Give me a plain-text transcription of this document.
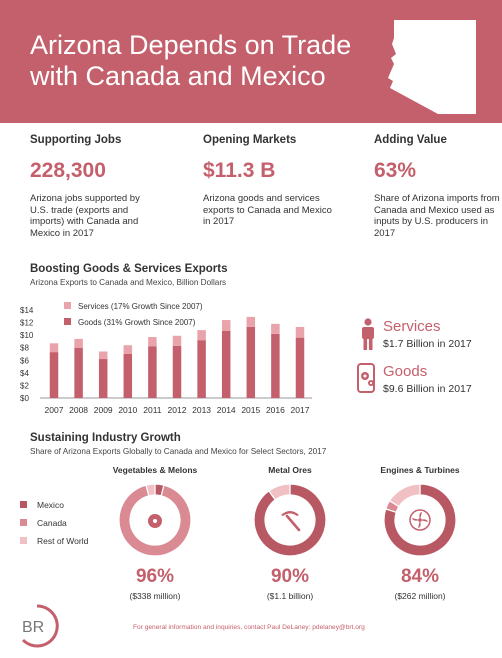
Arizona Depends on Trade
with Canada and Mexico
Supporting Jobs
228,300
Arizona jobs supported by U.S. trade (exports and imports) with Canada and Mexico in 2017
Opening Markets
$11.3 B
Arizona goods and services exports to Canada and Mexico in 2017
Adding Value
63%
Share of Arizona imports from Canada and Mexico used as inputs by U.S. producers in 2017
Boosting Goods & Services Exports
Arizona Exports to Canada and Mexico, Billion Dollars
Services (17% Growth Since 2007)
Goods (31% Growth Since 2007)
$0
$2
$4
$6
$8
$10
$12
$14
2007 2008 2009 2010 2011 2012 2013 2014 2015 2016 2017
Services
$1.7 Billion in 2017
Goods
$9.6 Billion in 2017
Sustaining Industry Growth
Share of Arizona Exports Globally to Canada and Mexico for Select Sectors, 2017
Mexico
Canada
Rest of World
Vegetables & Melons
96%
($338 million)
Metal Ores
90%
($1.1 billion)
Engines & Turbines
84%
($262 million)
BR	For general information and inquiries, contact Paul DeLaney: pdelaney@brt.org
